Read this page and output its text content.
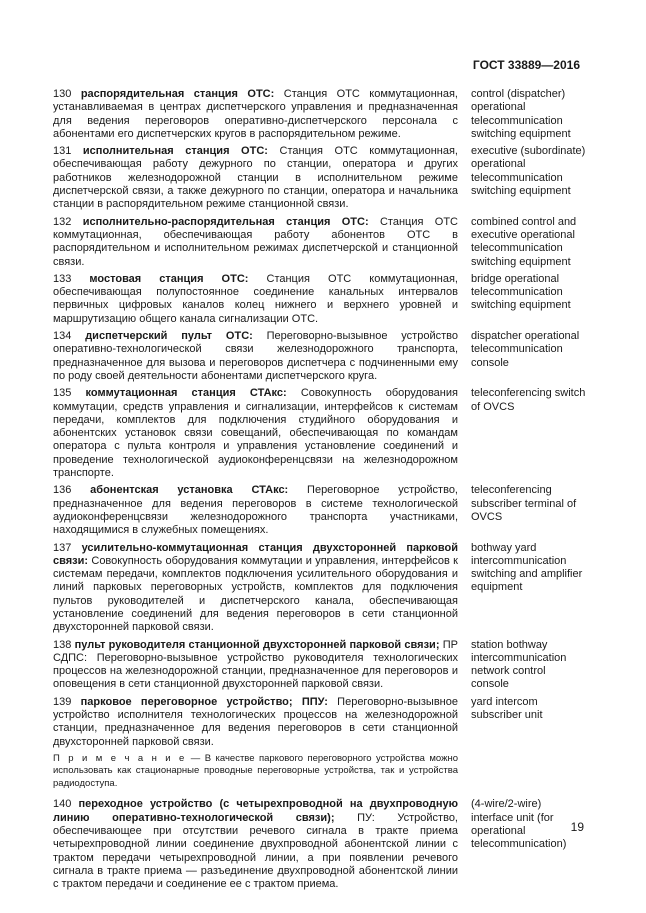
ГОСТ 33889—2016
130 распорядительная станция ОТС: Станция ОТС коммутационная, устанавливаемая в центрах диспетчерского управления и предназначенная для ведения переговоров оперативно-диспетчерского персонала с абонентами его диспетчерских кругов в распорядительном режиме.
control (dispatcher) operational telecommunication switching equipment
131 исполнительная станция ОТС: Станция ОТС коммутационная, обеспечивающая работу дежурного по станции, оператора и других работников железнодорожной станции в исполнительном режиме диспетчерской связи, а также дежурного по станции, оператора и начальника станции в распорядительном режиме станционной связи.
executive (subordinate) operational telecommunication switching equipment
132 исполнительно-распорядительная станция ОТС: Станция ОТС коммутационная, обеспечивающая работу абонентов ОТС в распорядительном и исполнительном режимах диспетчерской и станционной связи.
combined control and executive operational telecommunication switching equipment
133 мостовая станция ОТС: Станция ОТС коммутационная, обеспечивающая полупостоянное соединение канальных интервалов первичных цифровых каналов колец нижнего и верхнего уровней и маршрутизацию общего канала сигнализации ОТС.
bridge operational telecommunication switching equipment
134 диспетчерский пульт ОТС: Переговорно-вызывное устройство оперативно-технологической связи железнодорожного транспорта, предназначенное для вызова и переговоров диспетчера с подчиненными ему по роду своей деятельности абонентами диспетчерского круга.
dispatcher operational telecommunication console
135 коммутационная станция СТАкс: Совокупность оборудования коммутации, средств управления и сигнализации, интерфейсов к системам передачи, комплектов для подключения студийного оборудования и абонентских установок связи совещаний, обеспечивающая по командам оператора с пульта контроля и управления установление соединений и проведение технологической аудиоконференцсвязи на железнодорожном транспорте.
teleconferencing switch of OVCS
136 абонентская установка СТАкс: Переговорное устройство, предназначенное для ведения переговоров в системе технологической аудиоконференцсвязи железнодорожного транспорта участниками, находящимися в служебных помещениях.
teleconferencing subscriber terminal of OVCS
137 усилительно-коммутационная станция двухсторонней парковой связи: Совокупность оборудования коммутации и управления, интерфейсов к системам передачи, комплектов подключения усилительного оборудования и линий парковых переговорных устройств, комплектов для подключения пультов руководителей и диспетчерского канала, обеспечивающая установление соединений для ведения переговоров в сети станционной двухсторонней парковой связи.
bothway yard intercommunication switching and amplifier equipment
138 пульт руководителя станционной двухсторонней парковой связи; ПР СДПС: Переговорно-вызывное устройство руководителя технологических процессов на железнодорожной станции, предназначенное для переговоров и оповещения в сети станционной двухсторонней парковой связи.
station bothway intercommunication network control console
139 парковое переговорное устройство; ППУ: Переговорно-вызывное устройство исполнителя технологических процессов на железнодорожной станции, предназначенное для ведения переговоров в сети станционной двухсторонней парковой связи.
yard intercom subscriber unit
П р и м е ч а н и е — В качестве паркового переговорного устройства можно использовать как стационарные проводные переговорные устройства, так и устройства радиодоступа.
140 переходное устройство (с четырехпроводной на двухпроводную линию оперативно-технологической связи); ПУ: Устройство, обеспечивающее при отсутствии речевого сигнала в тракте приема четырехпроводной линии соединение двухпроводной абонентской линии с трактом передачи четырехпроводной линии, а при появлении речевого сигнала в тракте приема — разъединение двухпроводной абонентской линии с трактом передачи и соединение ее с трактом приема.
(4-wire/2-wire) interface unit (for operational telecommunication)
19
